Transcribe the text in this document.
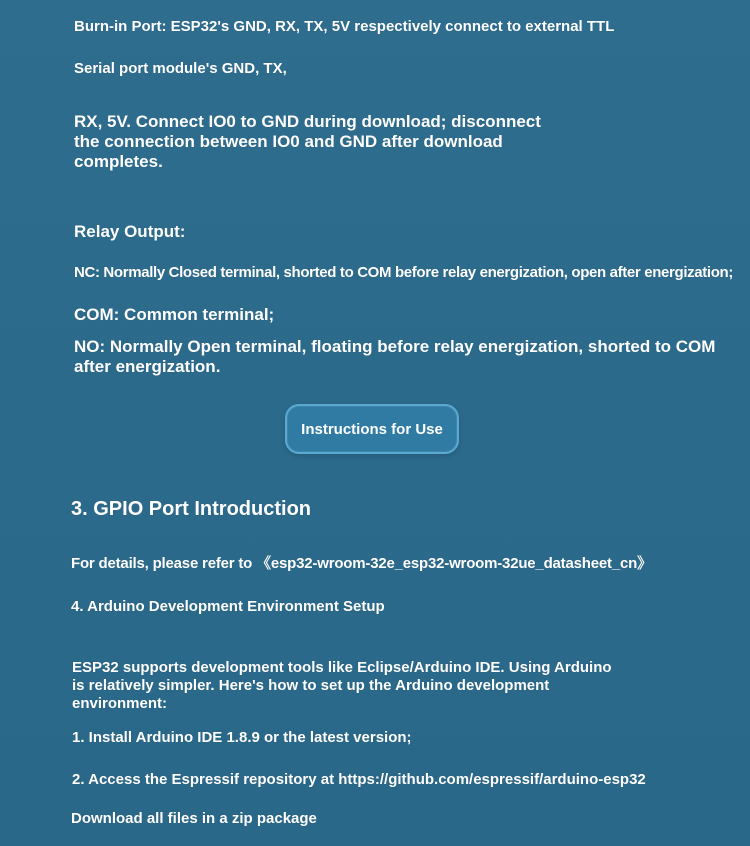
Burn-in Port: ESP32's GND, RX, TX, 5V respectively connect to external TTL
Serial port module's GND, TX,
RX, 5V. Connect IO0 to GND during download; disconnect the connection between IO0 and GND after download completes.
Relay Output:
NC: Normally Closed terminal, shorted to COM before relay energization, open after energization;
COM: Common terminal;
NO: Normally Open terminal, floating before relay energization, shorted to COM after energization.
Instructions for Use
3. GPIO Port Introduction
For details, please refer to 《esp32-wroom-32e_esp32-wroom-32ue_datasheet_cn》
4. Arduino Development Environment Setup
ESP32 supports development tools like Eclipse/Arduino IDE. Using Arduino is relatively simpler. Here's how to set up the Arduino development environment:
1. Install Arduino IDE 1.8.9 or the latest version;
2. Access the Espressif repository at https://github.com/espressif/arduino-esp32
Download all files in a zip package
